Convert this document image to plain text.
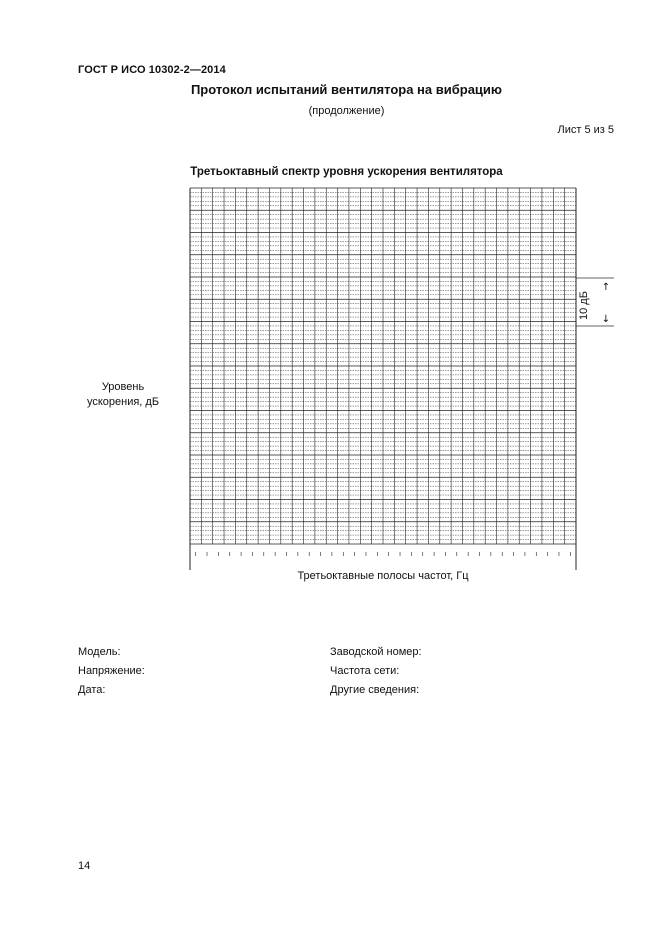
ГОСТ Р ИСО 10302-2—2014
Протокол испытаний вентилятора на вибрацию
(продолжение)
Лист 5 из 5
Третьоктавный спектр уровня ускорения вентилятора
Уровень
ускорения, дБ
↑
↓
10 дБ
Третьоктавные полосы частот, Гц
Модель:
Напряжение:
Дата:
Заводской номер:
Частота сети:
Другие сведения:
14
